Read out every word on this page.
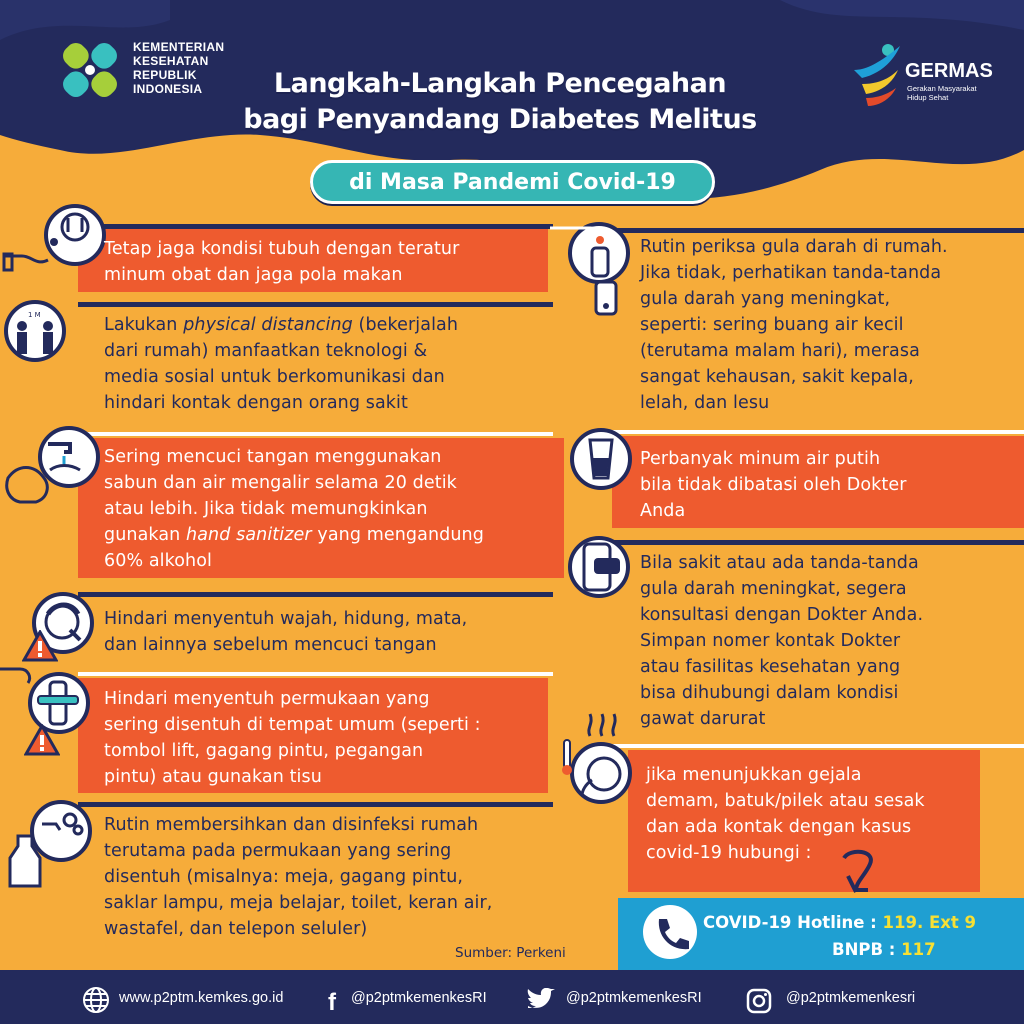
KEMENTERIAN
KESEHATAN
REPUBLIK
INDONESIA	Langkah-Langkah Pencegahan
bagi Penyandang Diabetes Melitus
di Masa Pandemi Covid-19
GERMAS
Gerakan Masyarakat
Hidup Sehat
Tetap jaga kondisi tubuh dengan teratur
minum obat dan jaga pola makan
1 M	Lakukan physical distancing (bekerjalah
dari rumah) manfaatkan teknologi &
media sosial untuk berkomunikasi dan
hindari kontak dengan orang sakit
Sering mencuci tangan menggunakan
sabun dan air mengalir selama 20 detik
atau lebih. Jika tidak memungkinkan
gunakan hand sanitizer yang mengandung
60% alkohol
Hindari menyentuh wajah, hidung, mata,
dan lainnya sebelum mencuci tangan
Hindari menyentuh permukaan yang
sering disentuh di tempat umum (seperti :
tombol lift, gagang pintu, pegangan
pintu) atau gunakan tisu
Rutin membersihkan dan disinfeksi rumah
terutama pada permukaan yang sering
disentuh (misalnya: meja, gagang pintu,
saklar lampu, meja belajar, toilet, keran air,
wastafel, dan telepon seluler)
Sumber: Perkeni
Rutin periksa gula darah di rumah.
Jika tidak, perhatikan tanda-tanda
gula darah yang meningkat,
seperti: sering buang air kecil
(terutama malam hari), merasa
sangat kehausan, sakit kepala,
lelah, dan lesu
Perbanyak minum air putih
bila tidak dibatasi oleh Dokter
Anda
Bila sakit atau ada tanda-tanda
gula darah meningkat, segera
konsultasi dengan Dokter Anda.
Simpan nomer kontak Dokter
atau fasilitas kesehatan yang
bisa dihubungi dalam kondisi
gawat darurat
jika menunjukkan gejala
demam, batuk/pilek atau sesak
dan ada kontak dengan kasus
covid-19 hubungi :
COVID-19 Hotline : 119. Ext 9
BNPB : 117
www.p2ptm.kemkes.go.id f @p2ptmkemenkesRI	@p2ptmkemenkesRI	@p2ptmkemenkesri
